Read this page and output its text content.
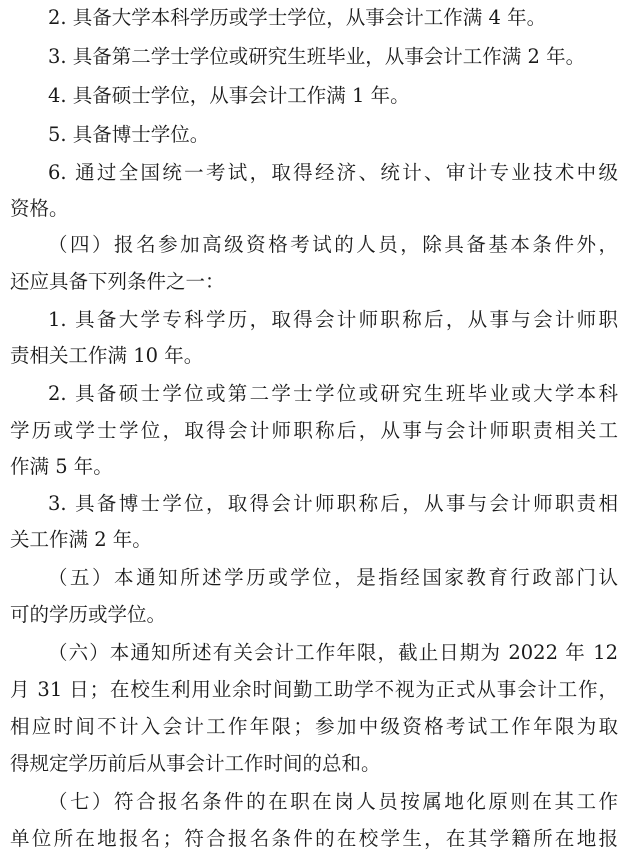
2. 具备大学本科学历或学士学位，从事会计工作满 4 年。
3. 具备第二学士学位或研究生班毕业，从事会计工作满 2 年。
4. 具备硕士学位，从事会计工作满 1 年。
5. 具备博士学位。
6. 通过全国统一考试，取得经济、统计、审计专业技术中级
资格。
（四）报名参加高级资格考试的人员，除具备基本条件外，
还应具备下列条件之一：
1. 具备大学专科学历，取得会计师职称后，从事与会计师职
责相关工作满 10 年。
2. 具备硕士学位或第二学士学位或研究生班毕业或大学本科
学历或学士学位，取得会计师职称后，从事与会计师职责相关工
作满 5 年。
3. 具备博士学位，取得会计师职称后，从事与会计师职责相
关工作满 2 年。
（五）本通知所述学历或学位，是指经国家教育行政部门认
可的学历或学位。
（六）本通知所述有关会计工作年限，截止日期为 2022 年 12
月 31 日；在校生利用业余时间勤工助学不视为正式从事会计工作，
相应时间不计入会计工作年限；参加中级资格考试工作年限为取
得规定学历前后从事会计工作时间的总和。
（七）符合报名条件的在职在岗人员按属地化原则在其工作
单位所在地报名；符合报名条件的在校学生，在其学籍所在地报
